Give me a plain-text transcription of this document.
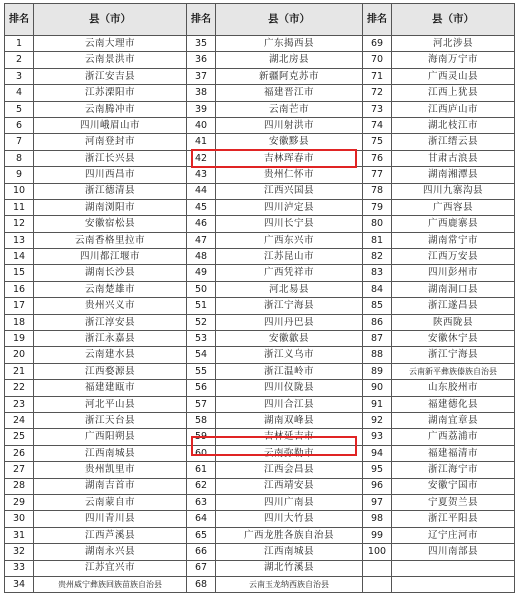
排名	县（市）	排名	县（市）	排名	县（市）
1	云南大理市	35	广东揭西县	69	河北涉县
2	云南景洪市	36	湖北房县	70	海南万宁市
3	浙江安吉县	37	新疆阿克苏市	71	广西灵山县
4	江苏溧阳市	38	福建晋江市	72	江西上犹县
5	云南腾冲市	39	云南芒市	73	江西庐山市
6	四川峨眉山市	40	四川射洪市	74	湖北枝江市
7	河南登封市	41	安徽黟县	75	浙江缙云县
8	浙江长兴县	42	吉林珲春市	76	甘肃古浪县
9	四川西昌市	43	贵州仁怀市	77	湖南湘潭县
10	浙江德清县	44	江西兴国县	78	四川九寨沟县
11	湖南浏阳市	45	四川泸定县	79	广西容县
12	安徽宿松县	46	四川长宁县	80	广西鹿寨县
13	云南香格里拉市	47	广西东兴市	81	湖南常宁市
14	四川都江堰市	48	江苏昆山市	82	江西万安县
15	湖南长沙县	49	广西凭祥市	83	四川彭州市
16	云南楚雄市	50	河北易县	84	湖南洞口县
17	贵州兴义市	51	浙江宁海县	85	浙江遂昌县
18	浙江淳安县	52	四川丹巴县	86	陕西陇县
19	浙江永嘉县	53	安徽歙县	87	安徽休宁县
20	云南建水县	54	浙江义乌市	88	浙江宁海县
21	江西婺源县	55	浙江温岭市	89	云南新平彝族傣族自治县
22	福建建瓯市	56	四川仪陇县	90	山东胶州市
23	河北平山县	57	四川合江县	91	福建德化县
24	浙江天台县	58	湖南双峰县	92	湖南宜章县
25	广西阳朔县	59	吉林延吉市	93	广西荔浦市
26	江西南城县	60	云南弥勒市	94	福建福清市
27	贵州凯里市	61	江西会昌县	95	浙江海宁市
28	湖南吉首市	62	江西靖安县	96	安徽宁国市
29	云南蒙自市	63	四川广南县	97	宁夏贺兰县
30	四川青川县	64	四川大竹县	98	浙江平阳县
31	江西芦溪县	65	广西龙胜各族自治县	99	辽宁庄河市
32	湖南永兴县	66	江西南城县	100	四川南部县
33	江苏宜兴市	67	湖北竹溪县		
34	贵州威宁彝族回族苗族自治县	68	云南玉龙纳西族自治县		
